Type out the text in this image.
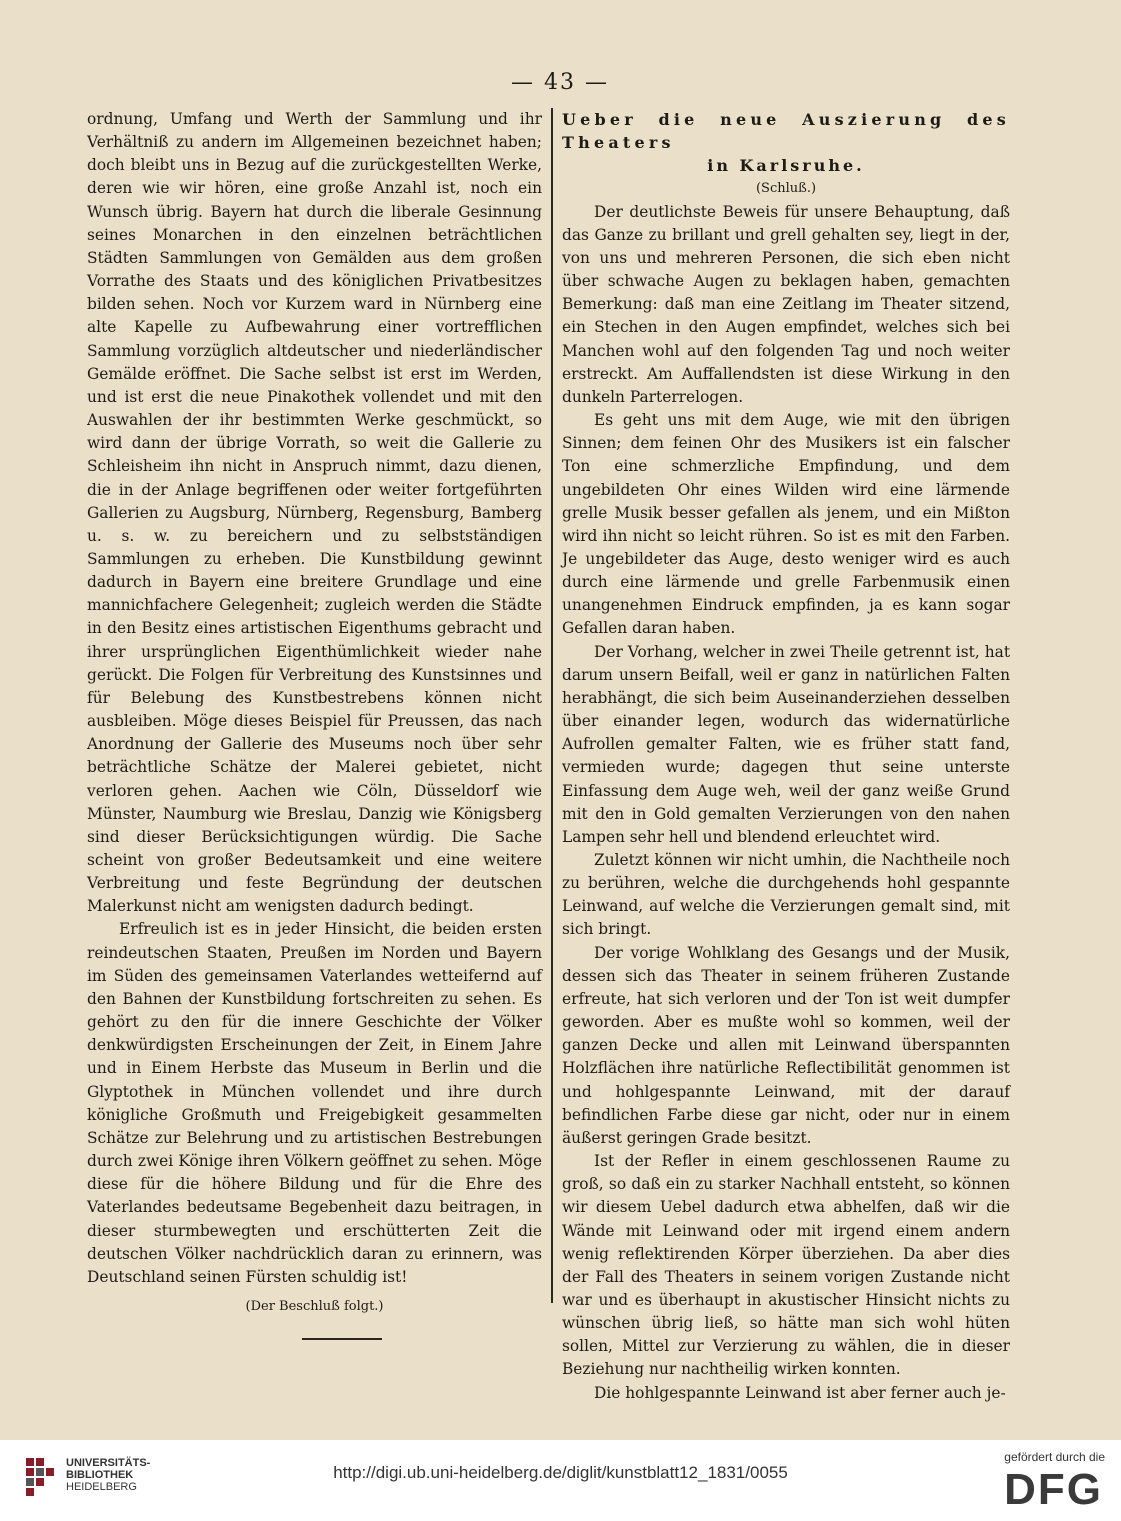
— 43 —

ordnung, Umfang und Werth der Sammlung und ihr Verhältniß zu andern im Allgemeinen bezeichnet haben; doch bleibt uns in Bezug auf die zurückgestellten Werke, deren wie wir hören, eine große Anzahl ist, noch ein Wunsch übrig. Bayern hat durch die liberale Gesinnung seines Monarchen in den einzelnen beträchtlichen Städten Sammlungen von Gemälden aus dem großen Vorrathe des Staats und des königlichen Privatbesitzes bilden sehen. Noch vor Kurzem ward in Nürnberg eine alte Kapelle zu Aufbewahrung einer vortrefflichen Sammlung vorzüglich altdeutscher und niederländischer Gemälde eröffnet. Die Sache selbst ist erst im Werden, und ist erst die neue Pinakothek vollendet und mit den Auswahlen der ihr bestimmten Werke geschmückt, so wird dann der übrige Vorrath, so weit die Gallerie zu Schleisheim ihn nicht in Anspruch nimmt, dazu dienen, die in der Anlage begriffenen oder weiter fortgeführten Gallerien zu Augsburg, Nürnberg, Regensburg, Bamberg u. s. w. zu bereichern und zu selbstständigen Sammlungen zu erheben. Die Kunstbildung gewinnt dadurch in Bayern eine breitere Grundlage und eine mannichfachere Gelegenheit; zugleich werden die Städte in den Besitz eines artistischen Eigenthums gebracht und ihrer ursprünglichen Eigenthümlichkeit wieder nahe gerückt. Die Folgen für Verbreitung des Kunstsinnes und für Belebung des Kunstbestrebens können nicht ausbleiben. Möge dieses Beispiel für Preussen, das nach Anordnung der Gallerie des Museums noch über sehr beträchtliche Schätze der Malerei gebietet, nicht verloren gehen. Aachen wie Cöln, Düsseldorf wie Münster, Naumburg wie Breslau, Danzig wie Königsberg sind dieser Berücksichtigungen würdig. Die Sache scheint von großer Bedeutsamkeit und eine weitere Verbreitung und feste Begründung der deutschen Malerkunst nicht am wenigsten dadurch bedingt.

Erfreulich ist es in jeder Hinsicht, die beiden ersten reindeutschen Staaten, Preußen im Norden und Bayern im Süden des gemeinsamen Vaterlandes wetteifernd auf den Bahnen der Kunstbildung fortschreiten zu sehen. Es gehört zu den für die innere Geschichte der Völker denkwürdigsten Erscheinungen der Zeit, in Einem Jahre und in Einem Herbste das Museum in Berlin und die Glyptothek in München vollendet und ihre durch königliche Großmuth und Freigebigkeit gesammelten Schätze zur Belehrung und zu artistischen Bestrebungen durch zwei Könige ihren Völkern geöffnet zu sehen. Möge diese für die höhere Bildung und für die Ehre des Vaterlandes bedeutsame Begebenheit dazu beitragen, in dieser sturmbewegten und erschütterten Zeit die deutschen Völker nachdrücklich daran zu erinnern, was Deutschland seinen Fürsten schuldig ist!

(Der Beschluß folgt.)

Ueber die neue Auszierung des Theaters

in Karlsruhe.

(Schluß.)

Der deutlichste Beweis für unsere Behauptung, daß das Ganze zu brillant und grell gehalten sey, liegt in der, von uns und mehreren Personen, die sich eben nicht über schwache Augen zu beklagen haben, gemachten Bemerkung: daß man eine Zeitlang im Theater sitzend, ein Stechen in den Augen empfindet, welches sich bei Manchen wohl auf den folgenden Tag und noch weiter erstreckt. Am Auffallendsten ist diese Wirkung in den dunkeln Parterrelogen.

Es geht uns mit dem Auge, wie mit den übrigen Sinnen; dem feinen Ohr des Musikers ist ein falscher Ton eine schmerzliche Empfindung, und dem ungebildeten Ohr eines Wilden wird eine lärmende grelle Musik besser gefallen als jenem, und ein Mißton wird ihn nicht so leicht rühren. So ist es mit den Farben. Je ungebildeter das Auge, desto weniger wird es auch durch eine lärmende und grelle Farbenmusik einen unangenehmen Eindruck empfinden, ja es kann sogar Gefallen daran haben.

Der Vorhang, welcher in zwei Theile getrennt ist, hat darum unsern Beifall, weil er ganz in natürlichen Falten herabhängt, die sich beim Auseinanderziehen desselben über einander legen, wodurch das widernatürliche Aufrollen gemalter Falten, wie es früher statt fand, vermieden wurde; dagegen thut seine unterste Einfassung dem Auge weh, weil der ganz weiße Grund mit den in Gold gemalten Verzierungen von den nahen Lampen sehr hell und blendend erleuchtet wird.

Zuletzt können wir nicht umhin, die Nachtheile noch zu berühren, welche die durchgehends hohl gespannte Leinwand, auf welche die Verzierungen gemalt sind, mit sich bringt.

Der vorige Wohlklang des Gesangs und der Musik, dessen sich das Theater in seinem früheren Zustande erfreute, hat sich verloren und der Ton ist weit dumpfer geworden. Aber es mußte wohl so kommen, weil der ganzen Decke und allen mit Leinwand überspannten Holzflächen ihre natürliche Reflectibilität genommen ist und hohlgespannte Leinwand, mit der darauf befindlichen Farbe diese gar nicht, oder nur in einem äußerst geringen Grade besitzt.

Ist der Refler in einem geschlossenen Raume zu groß, so daß ein zu starker Nachhall entsteht, so können wir diesem Uebel dadurch etwa abhelfen, daß wir die Wände mit Leinwand oder mit irgend einem andern wenig reflektirenden Körper überziehen. Da aber dies der Fall des Theaters in seinem vorigen Zustande nicht war und es überhaupt in akustischer Hinsicht nichts zu wünschen übrig ließ, so hätte man sich wohl hüten sollen, Mittel zur Verzierung zu wählen, die in dieser Beziehung nur nachtheilig wirken konnten.

Die hohlgespannte Leinwand ist aber ferner auch je-

UNIVERSITÄTS-
BIBLIOTHEK
HEIDELBERG
http://digi.ub.uni-heidelberg.de/diglit/kunstblatt12_1831/0055
gefördert durch die
DFG
